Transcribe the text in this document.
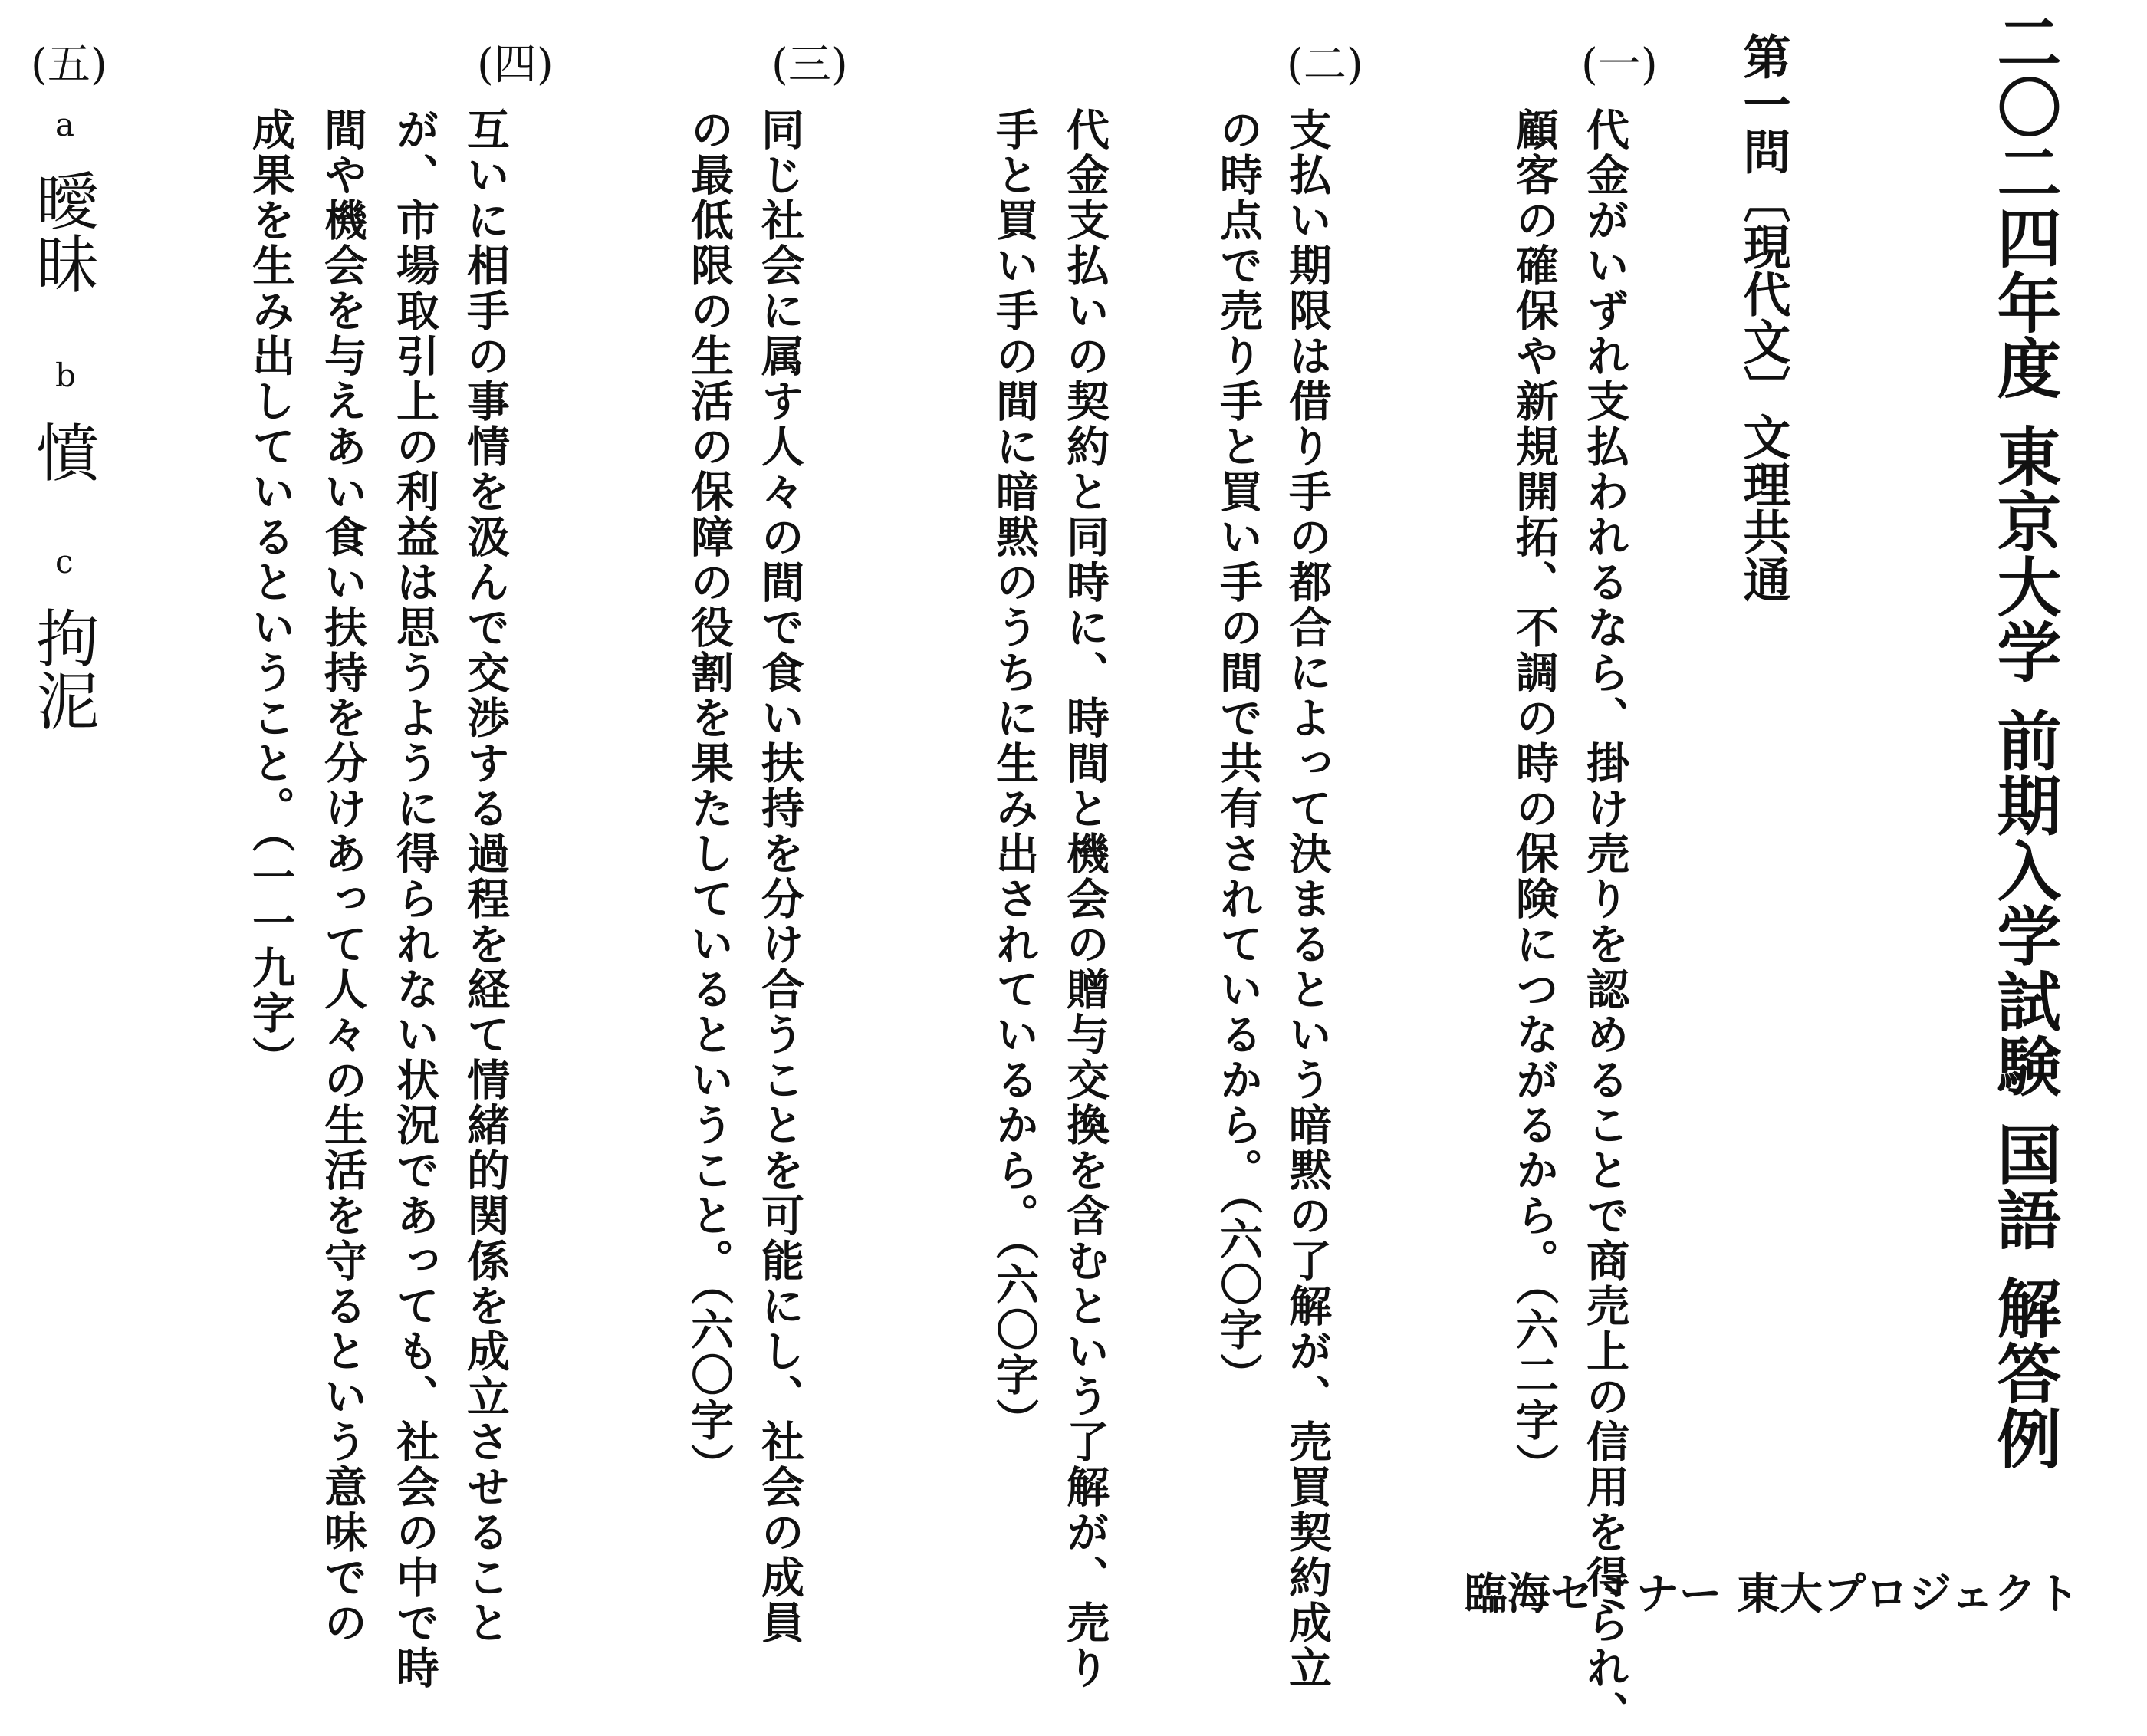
二〇二四年度 東京大学 前期入学試験 国語 解答例
第一問〔現代文〕文理共通
(一)
代金がいずれ支払われるなら、掛け売りを認めることで商売上の信用を得られ、
顧客の確保や新規開拓、不調の時の保険につながるから。（六二字）
(二)
支払い期限は借り手の都合によって決まるという暗黙の了解が、売買契約成立
の時点で売り手と買い手の間で共有されているから。（六〇字）
代金支払いの契約と同時に、時間と機会の贈与交換を含むという了解が、売り
手と買い手の間に暗黙のうちに生み出されているから。（六〇字）
(三)
同じ社会に属す人々の間で食い扶持を分け合うことを可能にし、社会の成員
の最低限の生活の保障の役割を果たしているということ。（六〇字）
(四)
互いに相手の事情を汲んで交渉する過程を経て情緒的関係を成立させること
が、市場取引上の利益は思うように得られない状況であっても、社会の中で時
間や機会を与えあい食い扶持を分けあって人々の生活を守るという意味での
成果を生み出しているということ。（一一九字）
(五)
a
曖昧
b
憤
c
拘泥
臨海セミナー 東大プロジェクト
